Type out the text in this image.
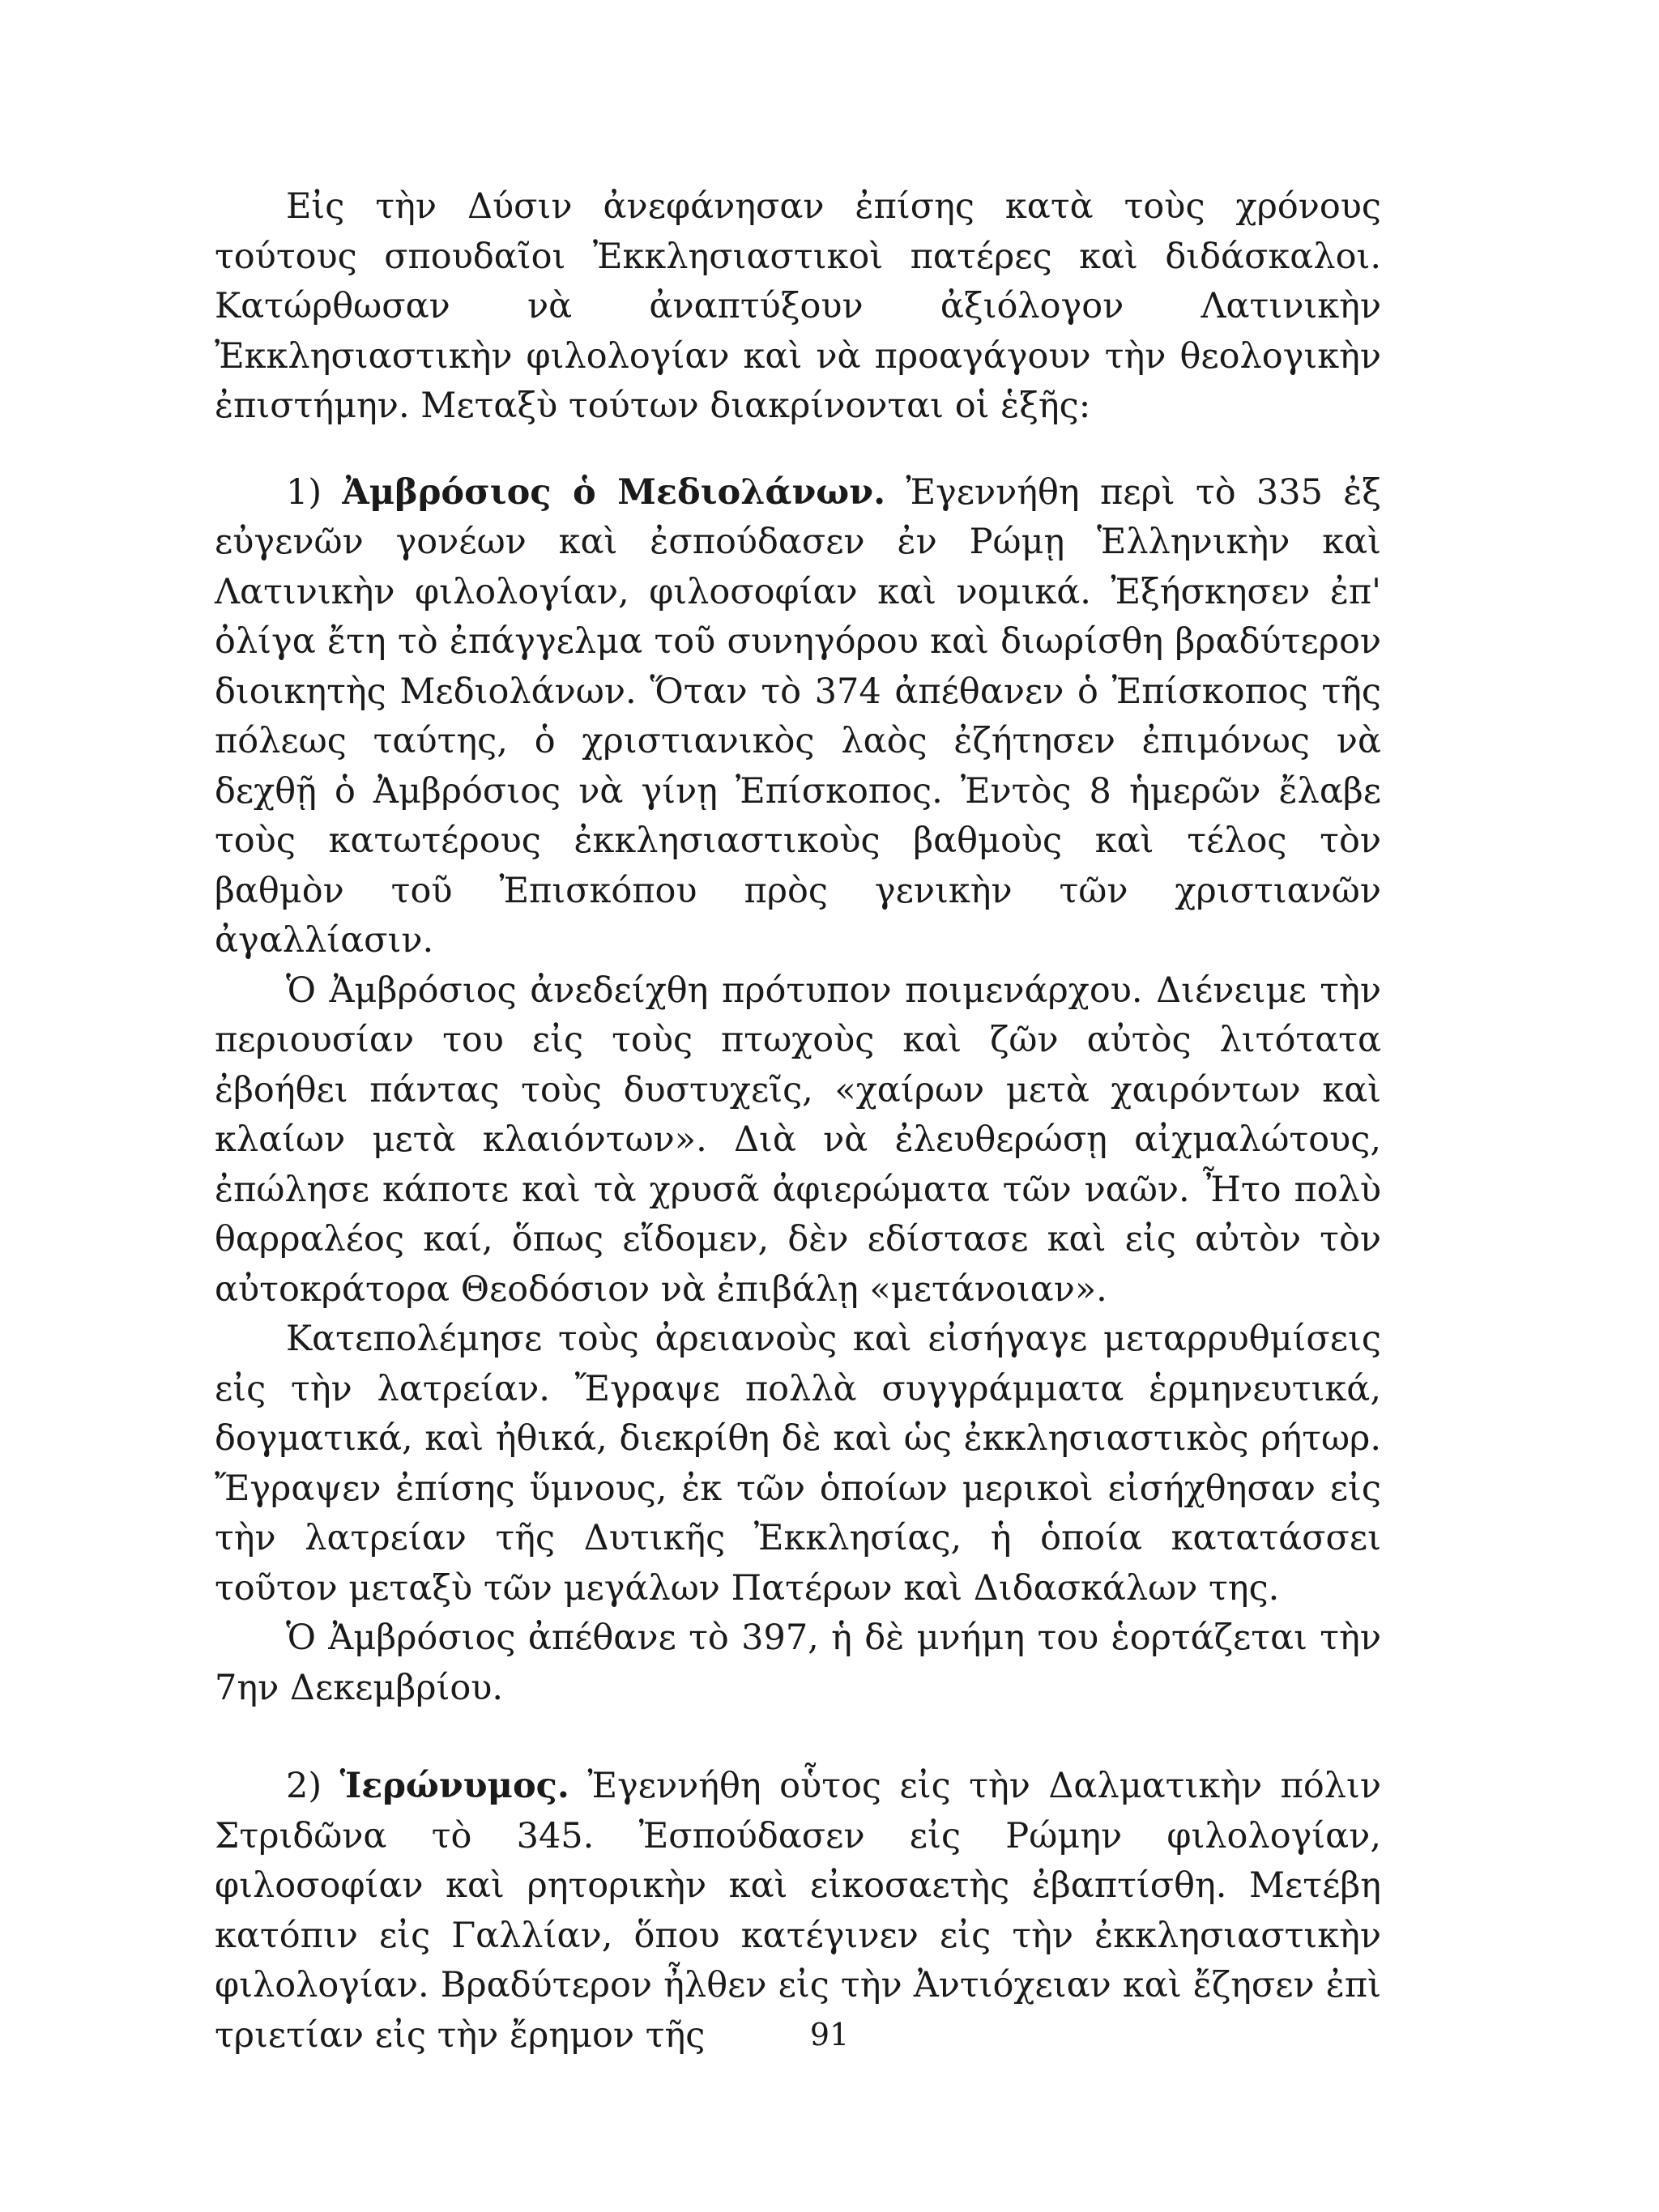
Εἰς τὴν Δύσιν ἀνεφάνησαν ἐπίσης κατὰ τοὺς χρόνους τούτους σπουδαῖοι Ἐκκλησιαστικοὶ πατέρες καὶ διδάσκαλοι. Κατώρθωσαν νὰ ἀναπτύξουν ἀξιόλογον Λατινικὴν Ἐκκλησιαστικὴν φιλολογίαν καὶ νὰ προαγάγουν τὴν θεολογικὴν ἐπιστήμην. Μεταξὺ τούτων διακρίνονται οἱ ἑξῆς:

1) Ἀμβρόσιος ὁ Μεδιολάνων. Ἐγεννήθη περὶ τὸ 335 ἐξ εὐγενῶν γονέων καὶ ἐσπούδασεν ἐν Ρώμῃ Ἑλληνικὴν καὶ Λατινικὴν φιλολογίαν, φιλοσοφίαν καὶ νομικά. Ἐξήσκησεν ἐπ' ὀλίγα ἔτη τὸ ἐπάγγελμα τοῦ συνηγόρου καὶ διωρίσθη βραδύτερον διοικητὴς Μεδιολάνων. Ὅταν τὸ 374 ἀπέθανεν ὁ Ἐπίσκοπος τῆς πόλεως ταύτης, ὁ χριστιανικὸς λαὸς ἐζήτησεν ἐπιμόνως νὰ δεχθῇ ὁ Ἀμβρόσιος νὰ γίνῃ Ἐπίσκοπος. Ἐντὸς 8 ἡμερῶν ἔλαβε τοὺς κατωτέρους ἐκκλησιαστικοὺς βαθμοὺς καὶ τέλος τὸν βαθμὸν τοῦ Ἐπισκόπου πρὸς γενικὴν τῶν χριστιανῶν ἀγαλλίασιν.

Ὁ Ἀμβρόσιος ἀνεδείχθη πρότυπον ποιμενάρχου. Διένειμε τὴν περιουσίαν του εἰς τοὺς πτωχοὺς καὶ ζῶν αὐτὸς λιτότατα ἐβοήθει πάντας τοὺς δυστυχεῖς, «χαίρων μετὰ χαιρόντων καὶ κλαίων μετὰ κλαιόντων». Διὰ νὰ ἐλευθερώσῃ αἰχμαλώτους, ἐπώλησε κάποτε καὶ τὰ χρυσᾶ ἀφιερώματα τῶν ναῶν. Ἦτο πολὺ θαρραλέος καί, ὅπως εἴδομεν, δὲν εδίστασε καὶ εἰς αὐτὸν τὸν αὐτοκράτορα Θεοδόσιον νὰ ἐπιβάλῃ «μετάνοιαν».

Κατεπολέμησε τοὺς ἀρειανοὺς καὶ εἰσήγαγε μεταρρυθμίσεις εἰς τὴν λατρείαν. Ἔγραψε πολλὰ συγγράμματα ἑρμηνευτικά, δογματικά, καὶ ἠθικά, διεκρίθη δὲ καὶ ὡς ἐκκλησιαστικὸς ρήτωρ. Ἔγραψεν ἐπίσης ὕμνους, ἐκ τῶν ὁποίων μερικοὶ εἰσήχθησαν εἰς τὴν λατρείαν τῆς Δυτικῆς Ἐκκλησίας, ἡ ὁποία κατατάσσει τοῦτον μεταξὺ τῶν μεγάλων Πατέρων καὶ Διδασκάλων της.

Ὁ Ἀμβρόσιος ἀπέθανε τὸ 397, ἡ δὲ μνήμη του ἑορτάζεται τὴν 7ην Δεκεμβρίου.

2) Ἱερώνυμος. Ἐγεννήθη οὗτος εἰς τὴν Δαλματικὴν πόλιν Στριδῶνα τὸ 345. Ἐσπούδασεν εἰς Ρώμην φιλολογίαν, φιλοσοφίαν καὶ ρητορικὴν καὶ εἰκοσαετὴς ἐβαπτίσθη. Μετέβη κατόπιν εἰς Γαλλίαν, ὅπου κατέγινεν εἰς τὴν ἐκκλησιαστικὴν φιλολογίαν. Βραδύτερον ἦλθεν εἰς τὴν Ἀντιόχειαν καὶ ἔζησεν ἐπὶ τριετίαν εἰς τὴν ἔρημον τῆς	91
